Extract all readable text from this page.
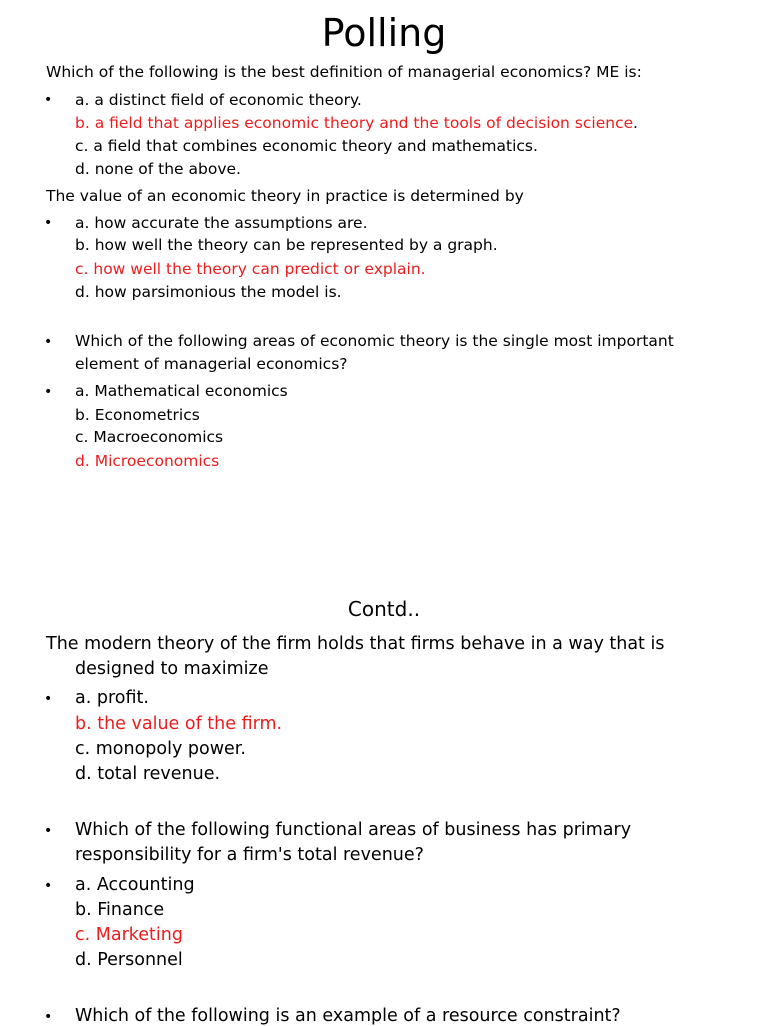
Polling
Which of the following is the best definition of managerial economics? ME is:
• a. a distinct field of economic theory.
b. a field that applies economic theory and the tools of decision science .
c. a field that combines economic theory and mathematics.
d. none of the above.
The value of an economic theory in practice is determined by
• a. how accurate the assumptions are.
b. how well the theory can be represented by a graph.
c. how well the theory can predict or explain.
d. how parsimonious the model is.
• Which of the following areas of economic theory is the single most important
element of managerial economics?
• a. Mathematical economics
b. Econometrics
c. Macroeconomics
d. Microeconomics
Contd..
The modern theory of the firm holds that firms behave in a way that is
designed to maximize
• a. profit.
b. the value of the firm.
c. monopoly power.
d. total revenue.
• Which of the following functional areas of business has primary
responsibility for a firm's total revenue?
• a. Accounting
b. Finance
c. Marketing
d. Personnel
• Which of the following is an example of a resource constraint?
